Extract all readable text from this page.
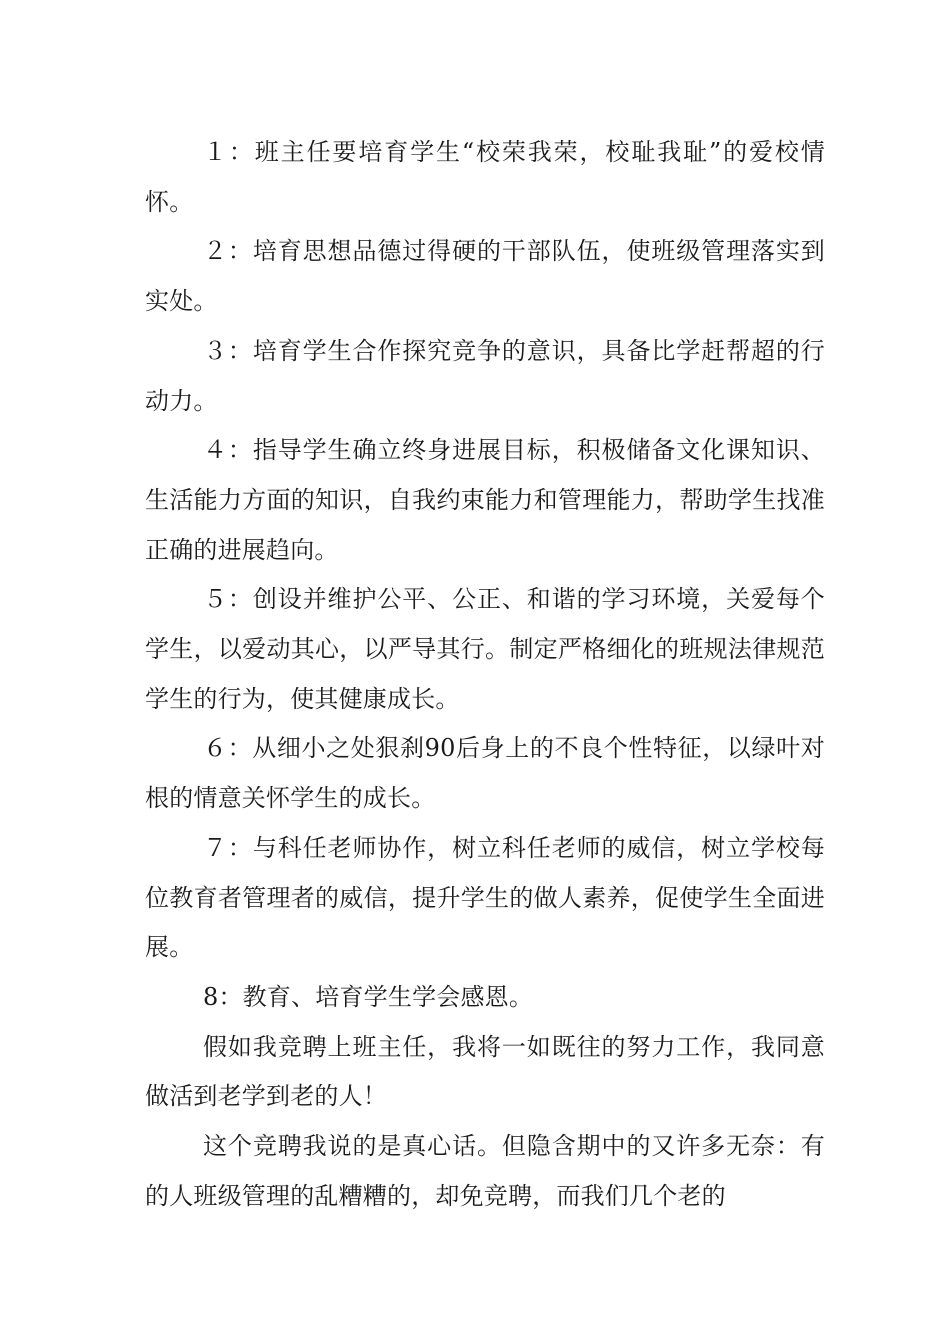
１：班主任要培育学生“校荣我荣，校耻我耻”的爱校情怀。

２：培育思想品德过得硬的干部队伍，使班级管理落实到实处。

３：培育学生合作探究竞争的意识，具备比学赶帮超的行动力。

４：指导学生确立终身进展目标，积极储备文化课知识、生活能力方面的知识，自我约束能力和管理能力，帮助学生找准正确的进展趋向。

５：创设并维护公平、公正、和谐的学习环境，关爱每个学生，以爱动其心，以严导其行。制定严格细化的班规法律规范学生的行为，使其健康成长。

６：从细小之处狠刹90后身上的不良个性特征，以绿叶对根的情意关怀学生的成长。

７：与科任老师协作，树立科任老师的威信，树立学校每位教育者管理者的威信，提升学生的做人素养，促使学生全面进展。

8：教育、培育学生学会感恩。

假如我竞聘上班主任，我将一如既往的努力工作，我同意做活到老学到老的人！

这个竞聘我说的是真心话。但隐含期中的又许多无奈：有的人班级管理的乱糟糟的，却免竞聘，而我们几个老的
